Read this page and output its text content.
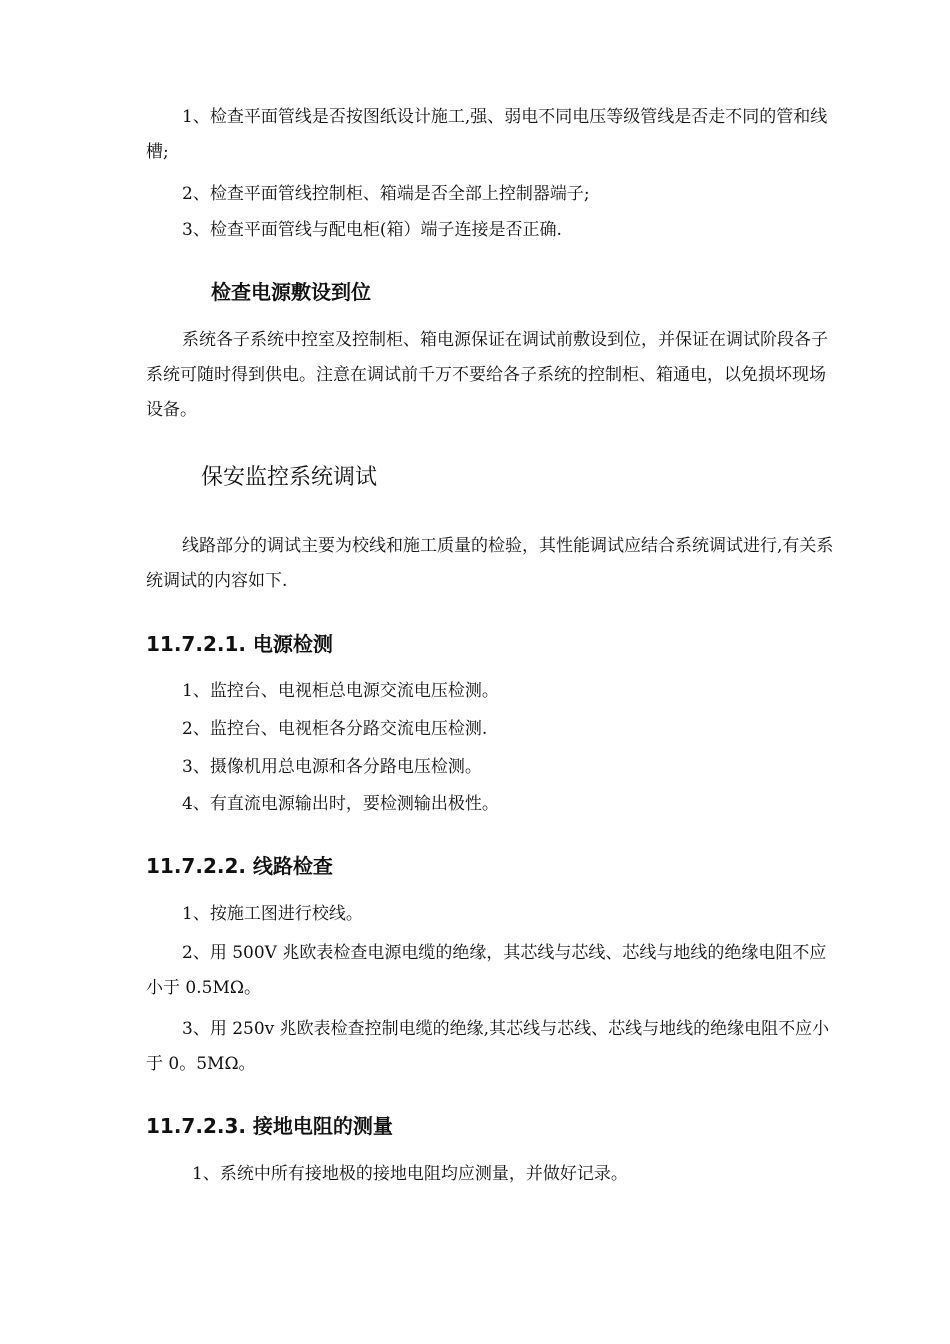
1、检查平面管线是否按图纸设计施工,强、弱电不同电压等级管线是否走不同的管和线槽;
2、检查平面管线控制柜、箱端是否全部上控制器端子;
3、检查平面管线与配电柜(箱）端子连接是否正确.
检查电源敷设到位
系统各子系统中控室及控制柜、箱电源保证在调试前敷设到位，并保证在调试阶段各子系统可随时得到供电。注意在调试前千万不要给各子系统的控制柜、箱通电，以免损坏现场设备。
保安监控系统调试
线路部分的调试主要为校线和施工质量的检验，其性能调试应结合系统调试进行,有关系统调试的内容如下.
11.7.2.1. 电源检测
1、监控台、电视柜总电源交流电压检测。
2、监控台、电视柜各分路交流电压检测.
3、摄像机用总电源和各分路电压检测。
4、有直流电源输出时，要检测输出极性。
11.7.2.2. 线路检查
1、按施工图进行校线。
2、用 500V 兆欧表检查电源电缆的绝缘，其芯线与芯线、芯线与地线的绝缘电阻不应小于 0.5MΩ。
3、用 250v 兆欧表检查控制电缆的绝缘,其芯线与芯线、芯线与地线的绝缘电阻不应小于 0。5MΩ。
11.7.2.3. 接地电阻的测量
1、系统中所有接地极的接地电阻均应测量，并做好记录。
